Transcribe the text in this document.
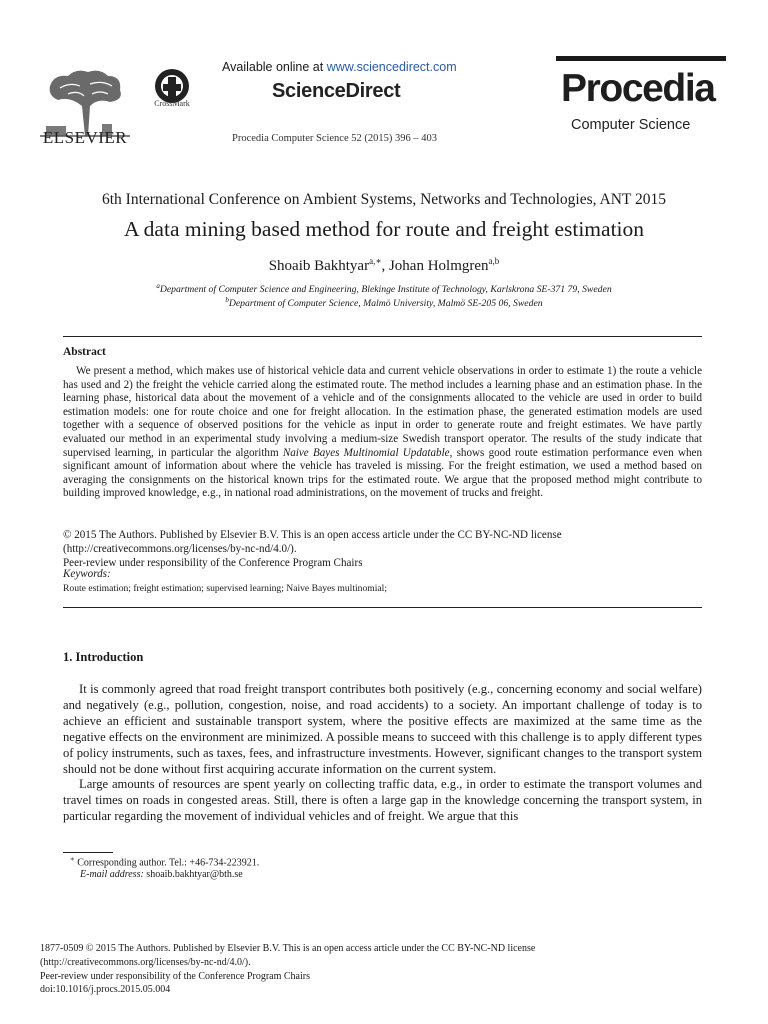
ELSEVIER
CrossMark
Available online at www.sciencedirect.com
ScienceDirect
Procedia Computer Science 52 (2015) 396 – 403
Procedia
Computer Science
6th International Conference on Ambient Systems, Networks and Technologies, ANT 2015
A data mining based method for route and freight estimation
Shoaib Bakhtyar$^{a,∗}$, Johan Holmgren$^{a,b}$
$^a$Department of Computer Science and Engineering, Blekinge Institute of Technology, Karlskrona SE-371 79, Sweden
$^b$Department of Computer Science, Malmö University, Malmö SE-205 06, Sweden
Abstract
We present a method, which makes use of historical vehicle data and current vehicle observations in order to estimate 1) the route a vehicle has used and 2) the freight the vehicle carried along the estimated route. The method includes a learning phase and an estimation phase. In the learning phase, historical data about the movement of a vehicle and of the consignments allocated to the vehicle are used in order to build estimation models: one for route choice and one for freight allocation. In the estimation phase, the generated estimation models are used together with a sequence of observed positions for the vehicle as input in order to generate route and freight estimates. We have partly evaluated our method in an experimental study involving a medium-size Swedish transport operator. The results of the study indicate that supervised learning, in particular the algorithm Naive Bayes Multinomial Updatable, shows good route estimation performance even when significant amount of information about where the vehicle has traveled is missing. For the freight estimation, we used a method based on averaging the consignments on the historical known trips for the estimated route. We argue that the proposed method might contribute to building improved knowledge, e.g., in national road administrations, on the movement of trucks and freight.
© 2015 The Authors. Published by Elsevier B.V. This is an open access article under the CC BY-NC-ND license (http://creativecommons.org/licenses/by-nc-nd/4.0/).
Peer-review under responsibility of the Conference Program Chairs
Keywords:
Route estimation; freight estimation; supervised learning; Naive Bayes multinomial;
1. Introduction
It is commonly agreed that road freight transport contributes both positively (e.g., concerning economy and social welfare) and negatively (e.g., pollution, congestion, noise, and road accidents) to a society. An important challenge of today is to achieve an efficient and sustainable transport system, where the positive effects are maximized at the same time as the negative effects on the environment are minimized. A possible means to succeed with this challenge is to apply different types of policy instruments, such as taxes, fees, and infrastructure investments. However, significant changes to the transport system should not be done without first acquiring accurate information on the current system.
Large amounts of resources are spent yearly on collecting traffic data, e.g., in order to estimate the transport volumes and travel times on roads in congested areas. Still, there is often a large gap in the knowledge concerning the transport system, in particular regarding the movement of individual vehicles and of freight. We argue that this
∗ Corresponding author. Tel.: +46-734-223921.
E-mail address: shoaib.bakhtyar@bth.se
1877-0509 © 2015 The Authors. Published by Elsevier B.V. This is an open access article under the CC BY-NC-ND license
(http://creativecommons.org/licenses/by-nc-nd/4.0/).
Peer-review under responsibility of the Conference Program Chairs
doi:10.1016/j.procs.2015.05.004
